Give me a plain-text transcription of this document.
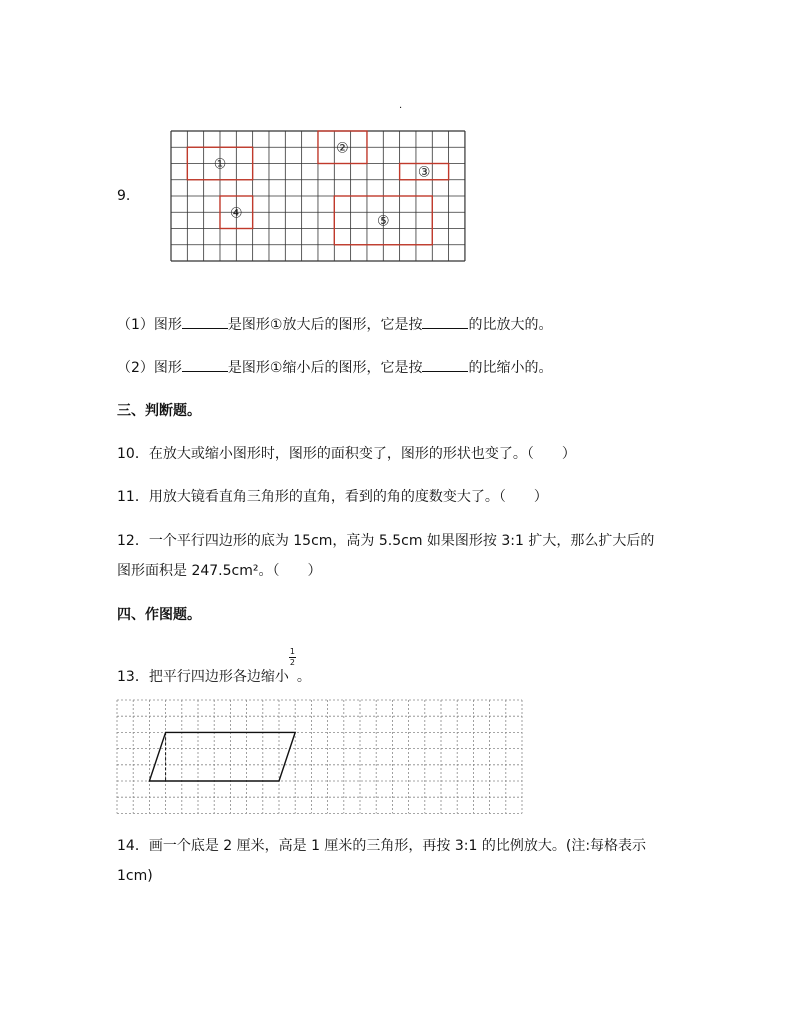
.
9.
①
②
③
④
⑤
（1）图形	是图形①放大后的图形，它是按	的比放大的。
（2）图形	是图形①缩小后的图形，它是按	的比缩小的。
三、判断题。
10．在放大或缩小图形时，图形的面积变了，图形的形状也变了。（　　）
11．用放大镜看直角三角形的直角，看到的角的度数变大了。（　　）
12．一个平行四边形的底为 15cm，高为 5.5cm 如果图形按 3:1 扩大，那么扩大后的
图形面积是 247.5cm²。（　　）
四、作图题。
13．把平行四边形各边缩小 $\frac{1}{2}$ 。
14．画一个底是 2 厘米，高是 1 厘米的三角形，再按 3:1 的比例放大。(注:每格表示
1cm)
